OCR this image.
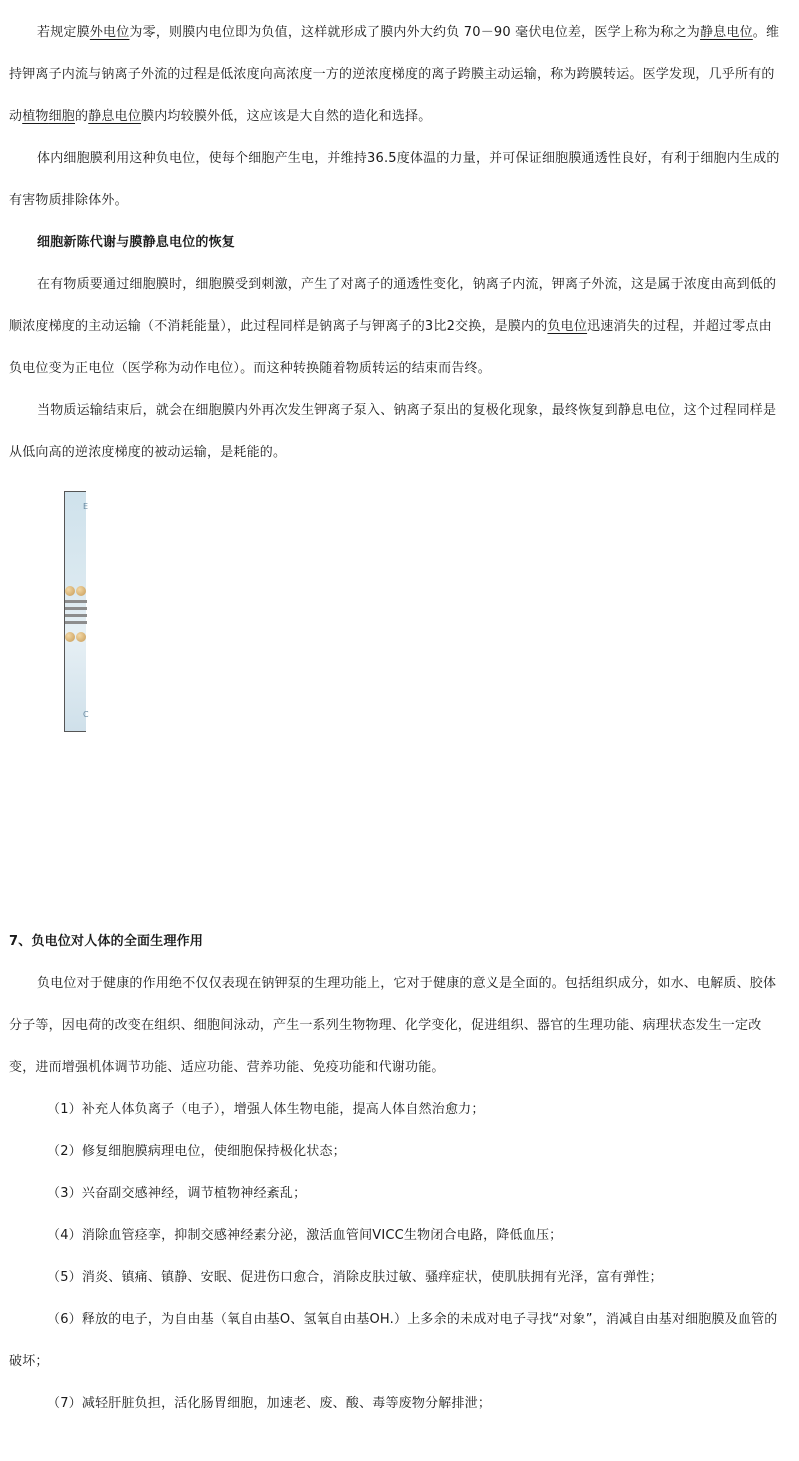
若规定膜外电位为零，则膜内电位即为负值，这样就形成了膜内外大约负 70－90 毫伏电位差，医学上称为称之为静息电位。维持钾离子内流与钠离子外流的过程是低浓度向高浓度一方的逆浓度梯度的离子跨膜主动运输，称为跨膜转运。医学发现，几乎所有的动植物细胞的静息电位膜内均较膜外低，这应该是大自然的造化和选择。

体内细胞膜利用这种负电位，使每个细胞产生电，并维持36.5度体温的力量，并可保证细胞膜通透性良好，有利于细胞内生成的有害物质排除体外。

细胞新陈代谢与膜静息电位的恢复

在有物质要通过细胞膜时，细胞膜受到刺激，产生了对离子的通透性变化，钠离子内流，钾离子外流，这是属于浓度由高到低的顺浓度梯度的主动运输（不消耗能量），此过程同样是钠离子与钾离子的3比2交换，是膜内的负电位迅速消失的过程，并超过零点由负电位变为正电位（医学称为动作电位）。而这种转换随着物质转运的结束而告终。

当物质运输结束后，就会在细胞膜内外再次发生钾离子泵入、钠离子泵出的复极化现象，最终恢复到静息电位，这个过程同样是从低向高的逆浓度梯度的被动运输，是耗能的。

E
C

7、负电位对人体的全面生理作用

负电位对于健康的作用绝不仅仅表现在钠钾泵的生理功能上，它对于健康的意义是全面的。包括组织成分，如水、电解质、胶体分子等，因电荷的改变在组织、细胞间泳动，产生一系列生物物理、化学变化，促进组织、器官的生理功能、病理状态发生一定改变，进而增强机体调节功能、适应功能、营养功能、免疫功能和代谢功能。

（1）补充人体负离子（电子），增强人体生物电能，提高人体自然治愈力；

（2）修复细胞膜病理电位，使细胞保持极化状态；

（3）兴奋副交感神经，调节植物神经紊乱；

（4）消除血管痉挛，抑制交感神经素分泌，激活血管间VICC生物闭合电路，降低血压；

（5）消炎、镇痛、镇静、安眠、促进伤口愈合，消除皮肤过敏、骚痒症状，使肌肤拥有光泽，富有弹性；

（6）释放的电子，为自由基（氧自由基O、氢氧自由基OH.）上多余的未成对电子寻找“对象”，消减自由基对细胞膜及血管的破坏；

（7）减轻肝脏负担，活化肠胃细胞，加速老、废、酸、毒等废物分解排泄；
